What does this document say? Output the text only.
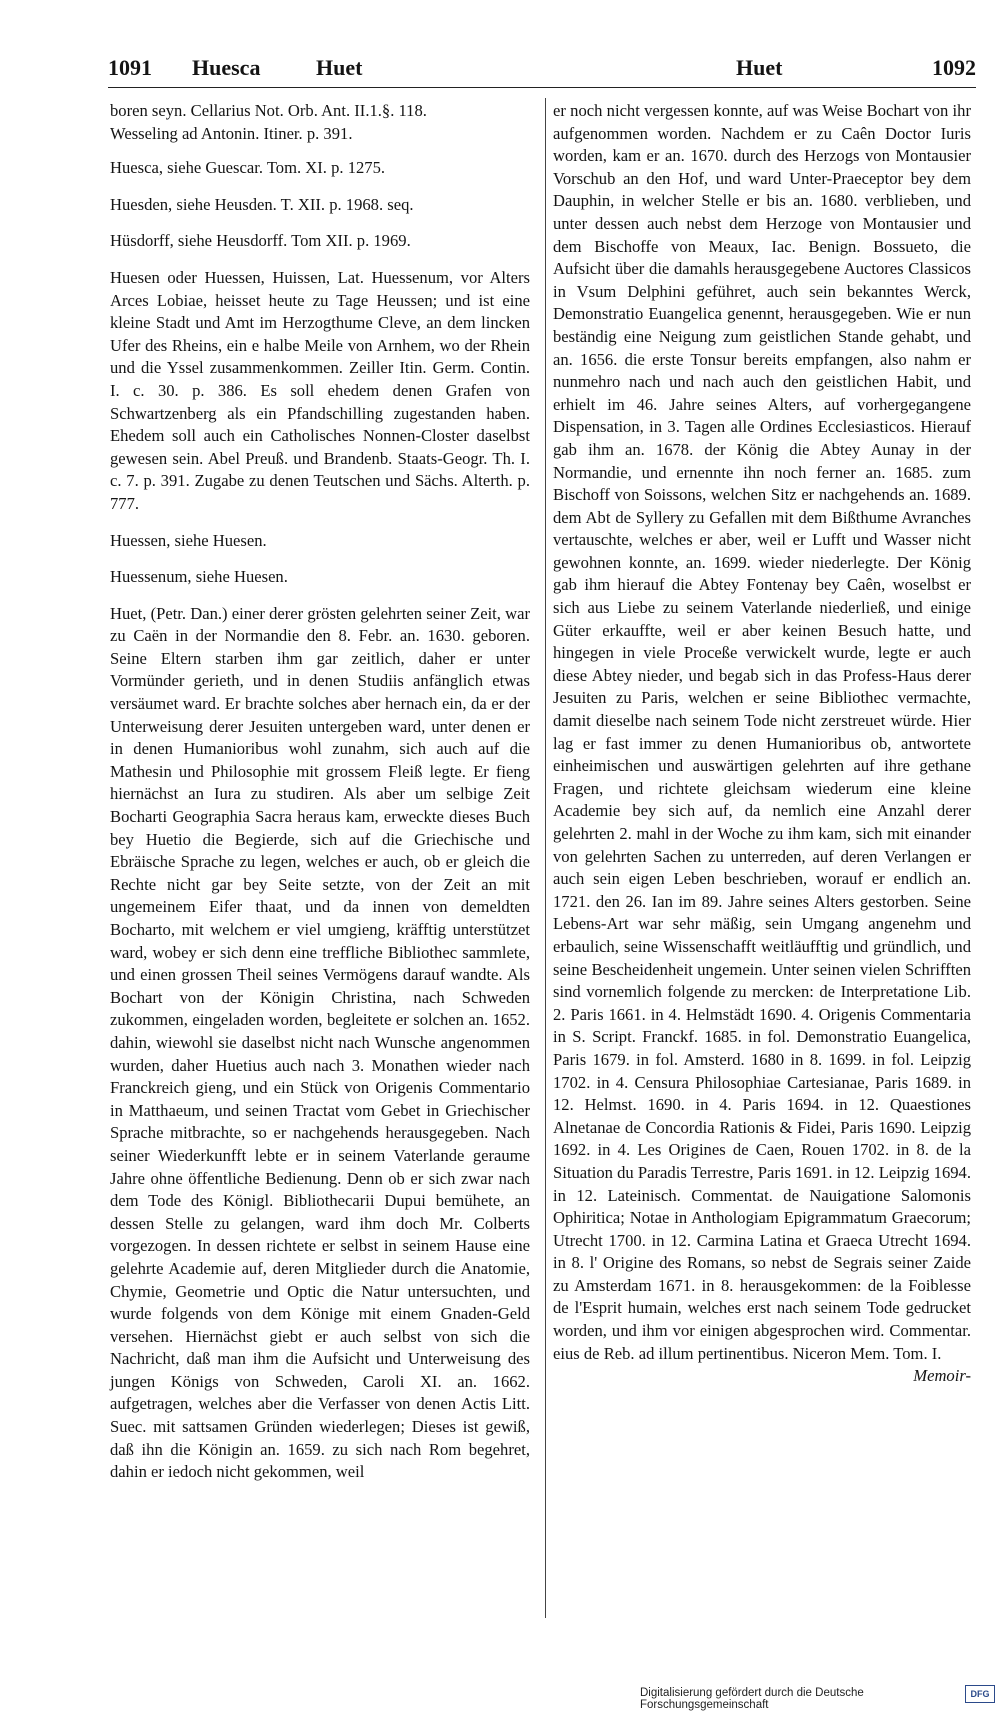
1091 Huesca	Huet	Huet	1092

boren seyn. Cellarius Not. Orb. Ant. II.1.§. 118.

Wesseling ad Antonin. Itiner. p. 391.

Huesca, siehe Guescar. Tom. XI. p. 1275.

Huesden, siehe Heusden. T. XII. p. 1968. seq.

Hüsdorff, siehe Heusdorff. Tom XII. p. 1969.

Huesen oder Huessen, Huissen, Lat. Huessenum, vor Alters Arces Lobiae, heisset heute zu Tage Heussen; und ist eine kleine Stadt und Amt im Herzogthume Cleve, an dem lincken Ufer des Rheins, ein e halbe Meile von Arnhem, wo der Rhein und die Yssel zusammenkommen. Zeiller Itin. Germ. Contin. I. c. 30. p. 386. Es soll ehedem denen Grafen von Schwartzenberg als ein Pfandschilling zugestanden haben. Ehedem soll auch ein Catholisches Nonnen-Closter daselbst gewesen sein. Abel Preuß. und Brandenb. Staats-Geogr. Th. I. c. 7. p. 391. Zugabe zu denen Teutschen und Sächs. Alterth. p. 777.

Huessen, siehe Huesen.

Huessenum, siehe Huesen.

Huet, (Petr. Dan.) einer derer grösten gelehrten seiner Zeit, war zu Caën in der Normandie den 8. Febr. an. 1630. geboren. Seine Eltern starben ihm gar zeitlich, daher er unter Vormünder gerieth, und in denen Studiis anfänglich etwas versäumet ward. Er brachte solches aber hernach ein, da er der Unterweisung derer Jesuiten untergeben ward, unter denen er in denen Humanioribus wohl zunahm, sich auch auf die Mathesin und Philosophie mit grossem Fleiß legte. Er fieng hiernächst an Iura zu studiren. Als aber um selbige Zeit Bocharti Geographia Sacra heraus kam, erweckte dieses Buch bey Huetio die Begierde, sich auf die Griechische und Ebräische Sprache zu legen, welches er auch, ob er gleich die Rechte nicht gar bey Seite setzte, von der Zeit an mit ungemeinem Eifer thaat, und da innen von demeldten Bocharto, mit welchem er viel umgieng, kräfftig unterstützet ward, wobey er sich denn eine treffliche Bibliothec sammlete, und einen grossen Theil seines Vermögens darauf wandte. Als Bochart von der Königin Christina, nach Schweden zukommen, eingeladen worden, begleitete er solchen an. 1652. dahin, wiewohl sie daselbst nicht nach Wunsche angenommen wurden, daher Huetius auch nach 3. Monathen wieder nach Franckreich gieng, und ein Stück von Origenis Commentario in Matthaeum, und seinen Tractat vom Gebet in Griechischer Sprache mitbrachte, so er nachgehends herausgegeben. Nach seiner Wiederkunfft lebte er in seinem Vaterlande geraume Jahre ohne öffentliche Bedienung. Denn ob er sich zwar nach dem Tode des Königl. Bibliothecarii Dupui bemühete, an dessen Stelle zu gelangen, ward ihm doch Mr. Colberts vorgezogen. In dessen richtete er selbst in seinem Hause eine gelehrte Academie auf, deren Mitglieder durch die Anatomie, Chymie, Geometrie und Optic die Natur untersuchten, und wurde folgends von dem Könige mit einem Gnaden-Geld versehen. Hiernächst giebt er auch selbst von sich die Nachricht, daß man ihm die Aufsicht und Unterweisung des jungen Königs von Schweden, Caroli XI. an. 1662. aufgetragen, welches aber die Verfasser von denen Actis Litt. Suec. mit sattsamen Gründen wiederlegen; Dieses ist gewiß, daß ihn die Königin an. 1659. zu sich nach Rom begehret, dahin er iedoch nicht gekommen, weil

er noch nicht vergessen konnte, auf was Weise Bochart von ihr aufgenommen worden. Nachdem er zu Caên Doctor Iuris worden, kam er an. 1670. durch des Herzogs von Montausier Vorschub an den Hof, und ward Unter-Praeceptor bey dem Dauphin, in welcher Stelle er bis an. 1680. verblieben, und unter dessen auch nebst dem Herzoge von Montausier und dem Bischoffe von Meaux, Iac. Benign. Bossueto, die Aufsicht über die damahls herausgegebene Auctores Classicos in Vsum Delphini geführet, auch sein bekanntes Werck, Demonstratio Euangelica genennt, herausgegeben. Wie er nun beständig eine Neigung zum geistlichen Stande gehabt, und an. 1656. die erste Tonsur bereits empfangen, also nahm er nunmehro nach und nach auch den geistlichen Habit, und erhielt im 46. Jahre seines Alters, auf vorhergegangene Dispensation, in 3. Tagen alle Ordines Ecclesiasticos. Hierauf gab ihm an. 1678. der König die Abtey Aunay in der Normandie, und ernennte ihn noch ferner an. 1685. zum Bischoff von Soissons, welchen Sitz er nachgehends an. 1689. dem Abt de Syllery zu Gefallen mit dem Bißthume Avranches vertauschte, welches er aber, weil er Lufft und Wasser nicht gewohnen konnte, an. 1699. wieder niederlegte. Der König gab ihm hierauf die Abtey Fontenay bey Caên, woselbst er sich aus Liebe zu seinem Vaterlande niederließ, und einige Güter erkauffte, weil er aber keinen Besuch hatte, und hingegen in viele Proceße verwickelt wurde, legte er auch diese Abtey nieder, und begab sich in das Profess-Haus derer Jesuiten zu Paris, welchen er seine Bibliothec vermachte, damit dieselbe nach seinem Tode nicht zerstreuet würde. Hier lag er fast immer zu denen Humanioribus ob, antwortete einheimischen und auswärtigen gelehrten auf ihre gethane Fragen, und richtete gleichsam wiederum eine kleine Academie bey sich auf, da nemlich eine Anzahl derer gelehrten 2. mahl in der Woche zu ihm kam, sich mit einander von gelehrten Sachen zu unterreden, auf deren Verlangen er auch sein eigen Leben beschrieben, worauf er endlich an. 1721. den 26. Ian im 89. Jahre seines Alters gestorben. Seine Lebens-Art war sehr mäßig, sein Umgang angenehm und erbaulich, seine Wissenschafft weitläufftig und gründlich, und seine Bescheidenheit ungemein. Unter seinen vielen Schrifften sind vornemlich folgende zu mercken: de Interpretatione Lib. 2. Paris 1661. in 4. Helmstädt 1690. 4. Origenis Commentaria in S. Script. Franckf. 1685. in fol. Demonstratio Euangelica, Paris 1679. in fol. Amsterd. 1680 in 8. 1699. in fol. Leipzig 1702. in 4. Censura Philosophiae Cartesianae, Paris 1689. in 12. Helmst. 1690. in 4. Paris 1694. in 12. Quaestiones Alnetanae de Concordia Rationis & Fidei, Paris 1690. Leipzig 1692. in 4. Les Origines de Caen, Rouen 1702. in 8. de la Situation du Paradis Terrestre, Paris 1691. in 12. Leipzig 1694. in 12. Lateinisch. Commentat. de Nauigatione Salomonis Ophiritica; Notae in Anthologiam Epigrammatum Graecorum; Utrecht 1700. in 12. Carmina Latina et Graeca Utrecht 1694. in 8. l' Origine des Romans, so nebst de Segrais seiner Zaide zu Amsterdam 1671. in 8. herausgekommen: de la Foiblesse de l'Esprit humain, welches erst nach seinem Tode gedrucket worden, und ihm vor einigen abgesprochen wird. Commentar. eius de Reb. ad illum pertinentibus. Niceron Mem. Tom. I.

Memoir-

Digitalisierung gefördert durch die Deutsche Forschungsgemeinschaft
DFG
